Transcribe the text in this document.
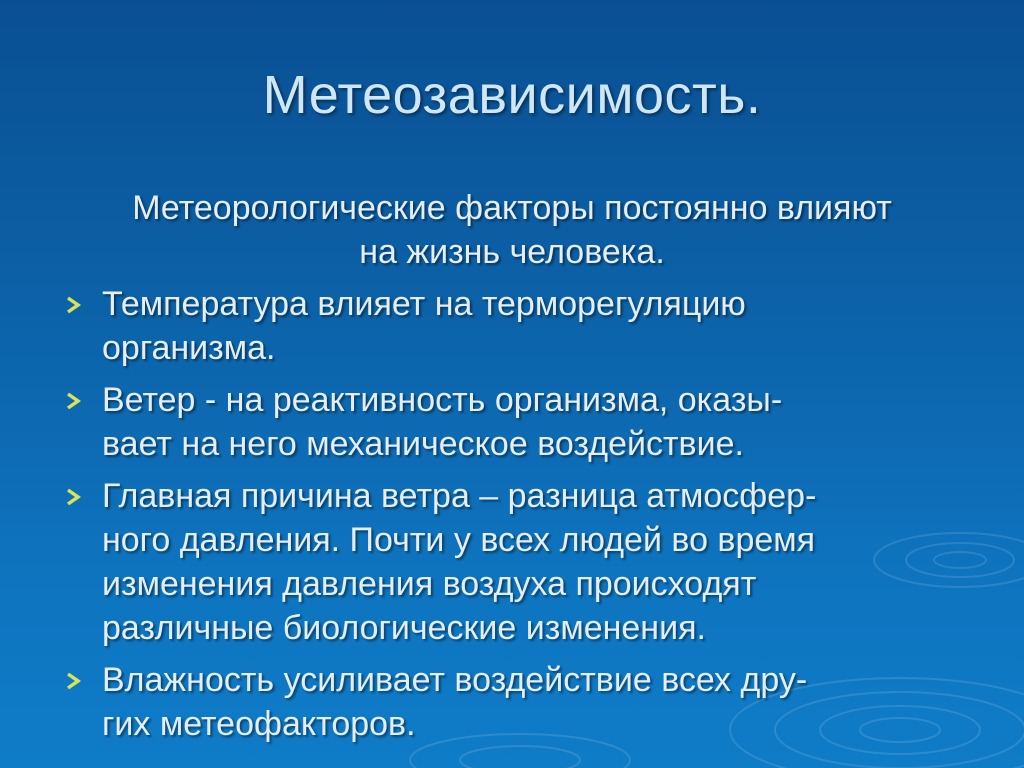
Метеозависимость.
Метеорологические факторы постоянно влияют
на жизнь человека.
Температура влияет на терморегуляцию
организма.
Ветер - на реактивность организма, оказы-
вает на него механическое воздействие.
Главная причина ветра – разница атмосфер-
ного давления. Почти у всех людей во время
изменения давления воздуха происходят
различные биологические изменения.
Влажность усиливает воздействие всех дру-
гих метеофакторов.
